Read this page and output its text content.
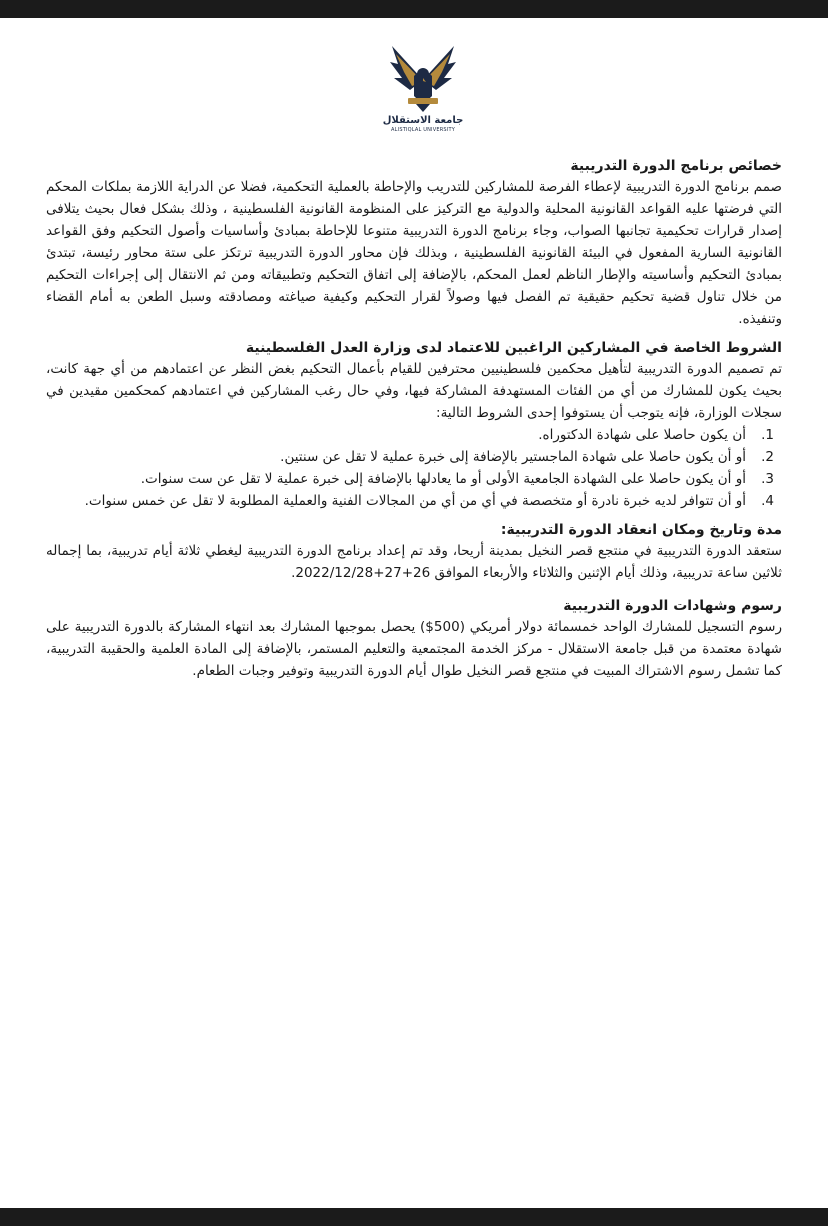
جامعة الاستقلال
ALISTIQLAL UNIVERSITY

خصائص برنامج الدورة التدريبية

صمم برنامج الدورة التدريبية لإعطاء الفرصة للمشاركين للتدريب والإحاطة بالعملية التحكمية، فضلا عن الدراية اللازمة بملكات المحكم التي فرضتها عليه القواعد القانونية المحلية والدولية مع التركيز على المنظومة القانونية الفلسطينية ، وذلك بشكل فعال بحيث يتلافى إصدار قرارات تحكيمية تجانبها الصواب، وجاء برنامج الدورة التدريبية متنوعا للإحاطة بمبادئ وأساسيات وأصول التحكيم وفق القواعد القانونية السارية المفعول في البيئة القانونية الفلسطينية ، وبذلك فإن محاور الدورة التدريبية ترتكز على ستة محاور رئيسة، تبتدئ بمبادئ التحكيم وأساسيته والإطار الناظم لعمل المحكم، بالإضافة إلى اتفاق التحكيم وتطبيقاته ومن ثم الانتقال إلى إجراءات التحكيم من خلال تناول قضية تحكيم حقيقية تم الفصل فيها وصولاً لقرار التحكيم وكيفية صياغته ومصادقته وسبل الطعن به أمام القضاء وتنفيذه.

الشروط الخاصة في المشاركين الراغبين للاعتماد لدى وزارة العدل الفلسطينية

تم تصميم الدورة التدريبية لتأهيل محكمين فلسطينيين محترفين للقيام بأعمال التحكيم بغض النظر عن اعتمادهم من أي جهة كانت، بحيث يكون للمشارك من أي من الفئات المستهدفة المشاركة فيها، وفي حال رغب المشاركين في اعتمادهم كمحكمين مقيدين في سجلات الوزارة، فإنه يتوجب أن يستوفوا إحدى الشروط التالية:

1.
أن يكون حاصلا على شهادة الدكتوراه.
2.
أو أن يكون حاصلا على شهادة الماجستير بالإضافة إلى خبرة عملية لا تقل عن سنتين.
3.
أو أن يكون حاصلا على الشهادة الجامعية الأولى أو ما يعادلها بالإضافة إلى خبرة عملية لا تقل عن ست سنوات.
4.
أو أن تتوافر لديه خبرة نادرة أو متخصصة في أي من أي من المجالات الفنية والعملية المطلوبة لا تقل عن خمس سنوات.

مدة وتاريخ ومكان انعقاد الدورة التدريبية:

ستعقد الدورة التدريبية في منتجع قصر النخيل بمدينة أريحا، وقد تم إعداد برنامج الدورة التدريبية ليغطي ثلاثة أيام تدريبية، بما إجماله ثلاثين ساعة تدريبية، وذلك أيام الإثنين والثلاثاء والأربعاء الموافق 26+27+2022/12/28.

رسوم وشهادات الدورة التدريبية

رسوم التسجيل للمشارك الواحد خمسمائة دولار أمريكي (500$) يحصل بموجبها المشارك بعد انتهاء المشاركة بالدورة التدريبية على شهادة معتمدة من قبل جامعة الاستقلال - مركز الخدمة المجتمعية والتعليم المستمر، بالإضافة إلى المادة العلمية والحقيبة التدريبية، كما تشمل رسوم الاشتراك المبيت في منتجع قصر النخيل طوال أيام الدورة التدريبية وتوفير وجبات الطعام.
